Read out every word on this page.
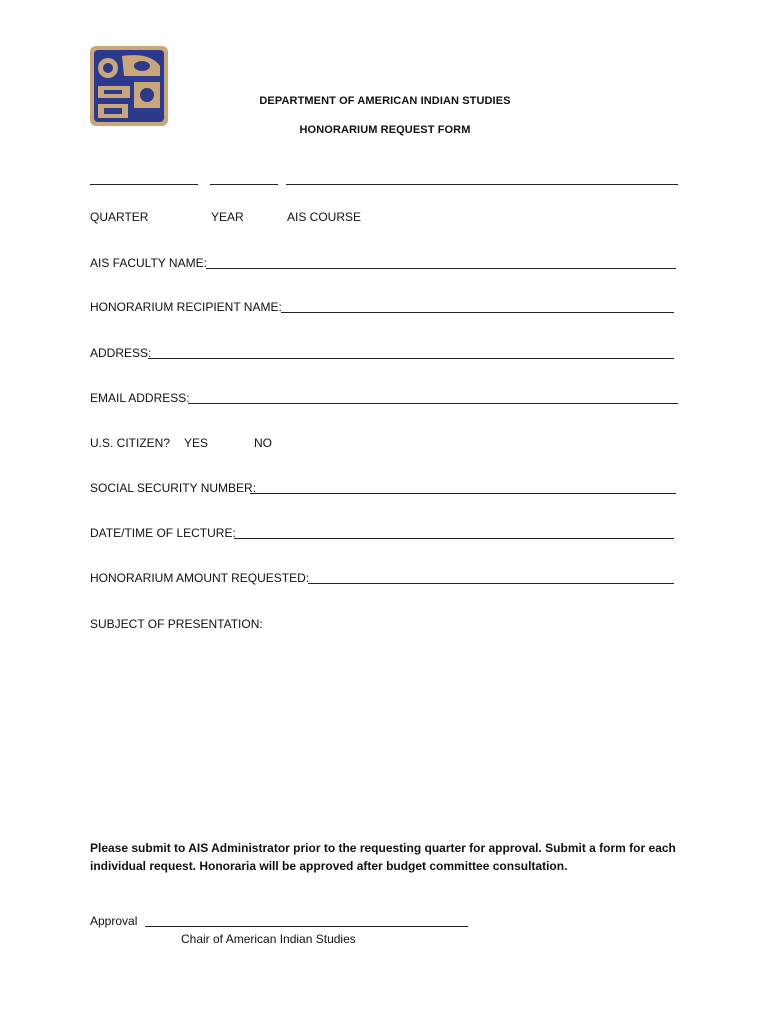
DEPARTMENT OF AMERICAN INDIAN STUDIES
HONORARIUM REQUEST FORM
QUARTER	YEAR	AIS COURSE
AIS FACULTY NAME:
HONORARIUM RECIPIENT NAME:
ADDRESS:
EMAIL ADDRESS:
U.S. CITIZEN? YES	NO
SOCIAL SECURITY NUMBER:
DATE/TIME OF LECTURE:
HONORARIUM AMOUNT REQUESTED:
SUBJECT OF PRESENTATION:
Please submit to AIS Administrator prior to the requesting quarter for approval. Submit a form for each individual request. Honoraria will be approved after budget committee consultation.
Approval
Chair of American Indian Studies
